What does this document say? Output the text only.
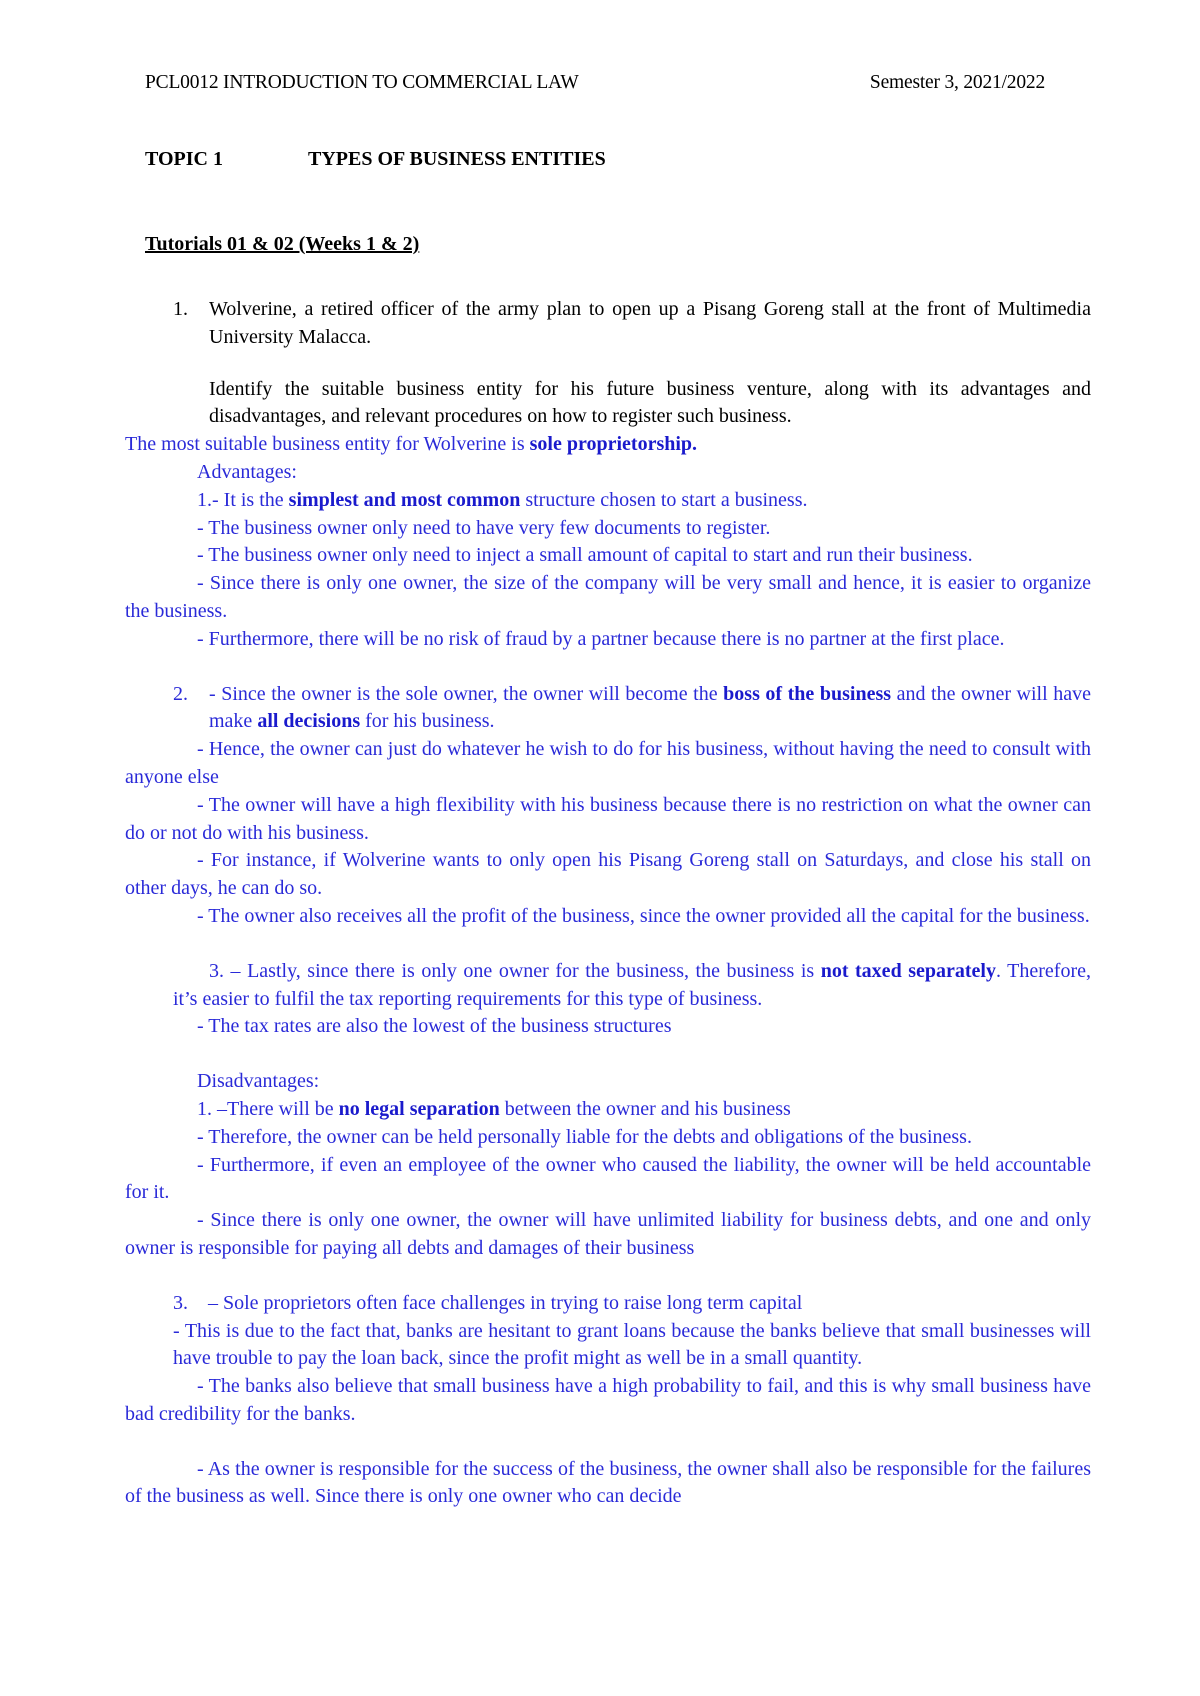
PCL0012 INTRODUCTION TO COMMERCIAL LAW	Semester 3, 2021/2022
TOPIC 1	TYPES OF BUSINESS ENTITIES
Tutorials 01 & 02 (Weeks 1 & 2)
1. Wolverine, a retired officer of the army plan to open up a Pisang Goreng stall at the front of Multimedia University Malacca.

Identify the suitable business entity for his future business venture, along with its advantages and disadvantages, and relevant procedures on how to register such business.

The most suitable business entity for Wolverine is sole proprietorship.

Advantages:

1.- It is the simplest and most common structure chosen to start a business.

- The business owner only need to have very few documents to register.

- The business owner only need to inject a small amount of capital to start and run their business.

- Since there is only one owner, the size of the company will be very small and hence, it is easier to organize the business.

- Furthermore, there will be no risk of fraud by a partner because there is no partner at the first place.

2. - Since the owner is the sole owner, the owner will become the boss of the business and the owner will have make all decisions for his business.

- Hence, the owner can just do whatever he wish to do for his business, without having the need to consult with anyone else

- The owner will have a high flexibility with his business because there is no restriction on what the owner can do or not do with his business.

- For instance, if Wolverine wants to only open his Pisang Goreng stall on Saturdays, and close his stall on other days, he can do so.

- The owner also receives all the profit of the business, since the owner provided all the capital for the business.

3. – Lastly, since there is only one owner for the business, the business is not taxed separately. Therefore, it’s easier to fulfil the tax reporting requirements for this type of business.

- The tax rates are also the lowest of the business structures

Disadvantages:

1. –There will be no legal separation between the owner and his business

- Therefore, the owner can be held personally liable for the debts and obligations of the business.

- Furthermore, if even an employee of the owner who caused the liability, the owner will be held accountable for it.

- Since there is only one owner, the owner will have unlimited liability for business debts, and one and only owner is responsible for paying all debts and damages of their business

3. – Sole proprietors often face challenges in trying to raise long term capital

- This is due to the fact that, banks are hesitant to grant loans because the banks believe that small businesses will have trouble to pay the loan back, since the profit might as well be in a small quantity.

- The banks also believe that small business have a high probability to fail, and this is why small business have bad credibility for the banks.

- As the owner is responsible for the success of the business, the owner shall also be responsible for the failures of the business as well. Since there is only one owner who can decide
